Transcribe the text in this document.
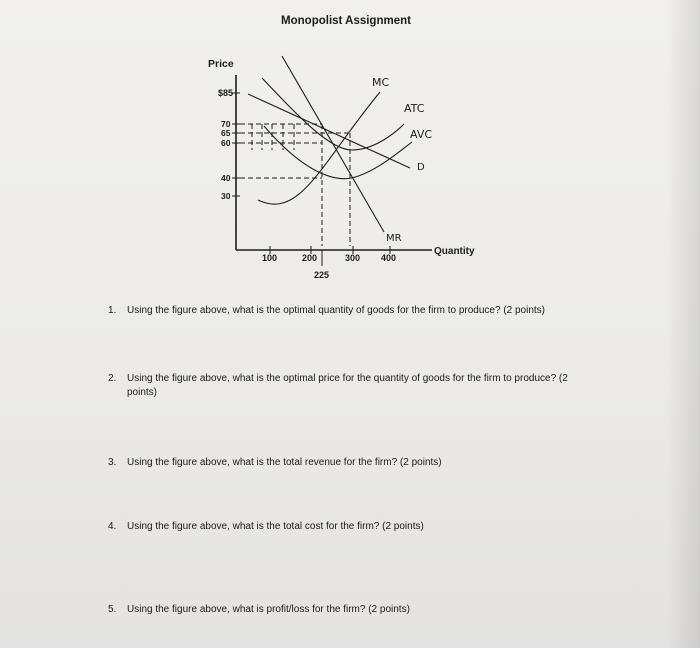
Monopolist Assignment
Price
Quantity
$85
70
65
60
40
30
100	200	300 400
225
MC
ATC
AVC
D
MR
1. Using the figure above, what is the optimal quantity of goods for the firm to produce? (2 points)
2. Using the figure above, what is the optimal price for the quantity of goods for the firm to produce? (2 points)
3. Using the figure above, what is the total revenue for the firm? (2 points)
4. Using the figure above, what is the total cost for the firm? (2 points)
5. Using the figure above, what is profit/loss for the firm? (2 points)
